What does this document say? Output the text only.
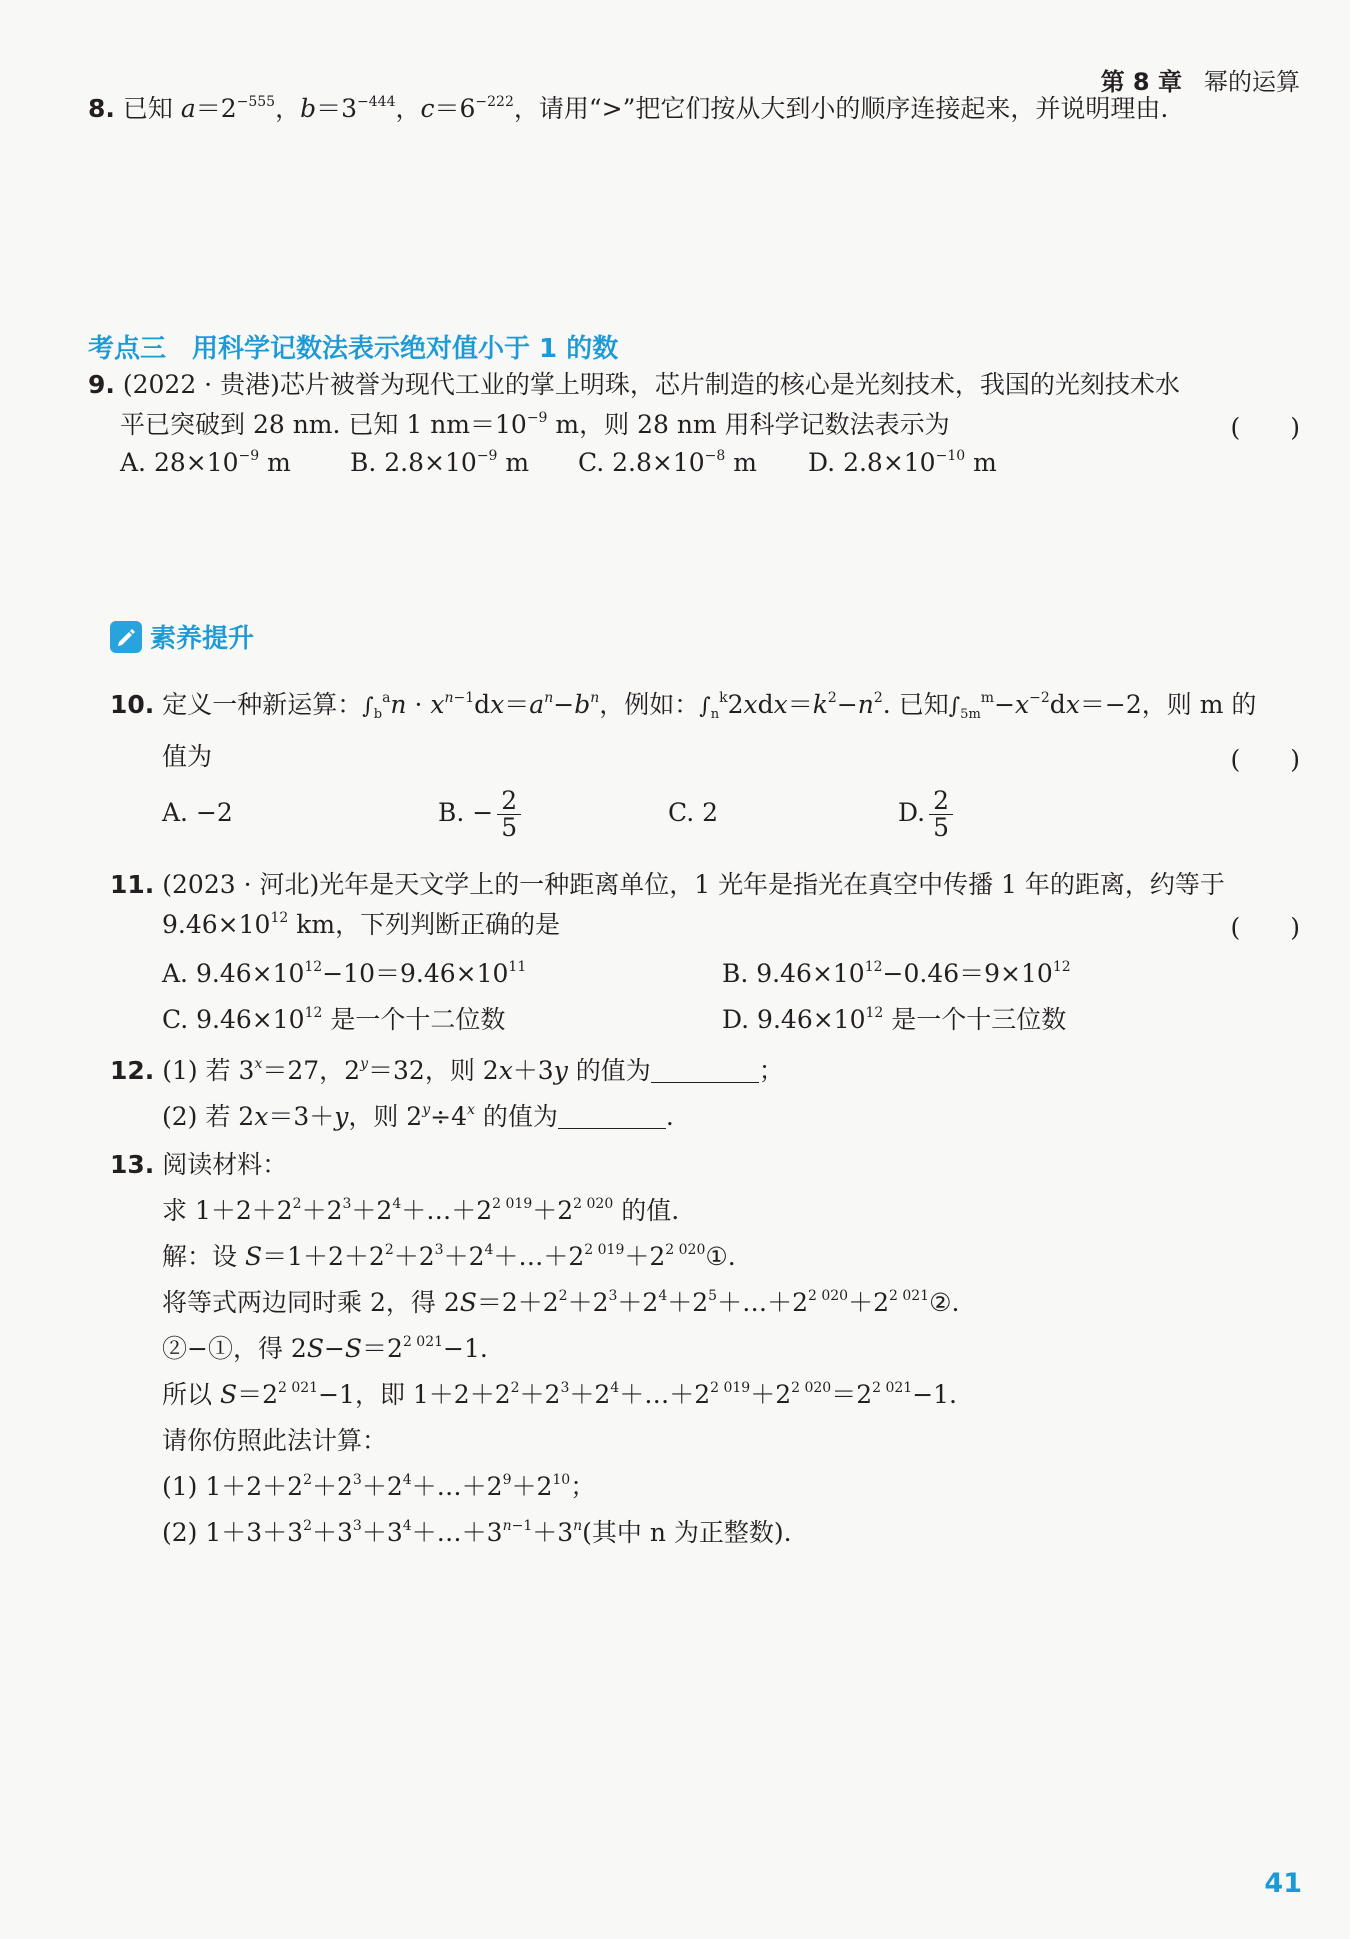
第 8 章 幂的运算
8. 已知 $a=2^{-555}$，$b=3^{-444}$，$c=6^{-222}$，请用“>”把它们按从大到小的顺序连接起来，并说明理由.
考点三　用科学记数法表示绝对值小于 1 的数
9. (2022 · 贵港)芯片被誉为现代工业的掌上明珠，芯片制造的核心是光刻技术，我国的光刻技术水
平已突破到 28 nm. 已知 1 $nm=10^{-9}$ m，则 28 nm 用科学记数法表示为	(　　)
A. $28\times 10^{-9}$ m B. $2.8\times 10^{-9}$ m C. $2.8\times 10^{-8}$ m D. $2.8\times 10^{-10}$ m
素养提升
10. 定义一种新运算：$\int_b^an \cdot x^{n-1}dx=a^n-b^n$，例如：$\int_n^k2xdx=k^2-n^2$. 已知$\int_{5m}^m-x^{-2}dx=-2$，则 m 的
值为	(　　)
A. −2	B. − $\frac{2}{5}$	C. 2	D. $\frac{2}{5}$
11. (2023 · 河北)光年是天文学上的一种距离单位，1 光年是指光在真空中传播 1 年的距离，约等于
$9.46\times 10^{12}$ km，下列判断正确的是	(　　)
A. $9.46\times 10^{12}-10=9.46\times 10^{11}$	B. $9.46\times 10^{12}-0.46=9\times 10^{12}$
C. $9.46\times 10^{12}$ 是一个十二位数	D. $9.46\times 10^{12}$ 是一个十三位数
12. (1) 若 $3^x=27$，$2^y=32$，则 2x＋3y 的值为	；
(2) 若 2x＝3＋y，则 $2^y\div 4^x$ 的值为	.
13. 阅读材料：
求 $1+2+2^2+2^3+2^4+\dots+2^{2 019}+2^{2 020}$ 的值.
解：设 $S=1+2+2^2+2^3+2^4+\dots+2^{2 019}+2^{2 020}①$.
将等式两边同时乘 2，得 $2S=2+2^2+2^3+2^4+2^5+\dots+2^{2 020}+2^{2 021}②$.
②−①，得 $2S-S=2^{2 021}-1$.
所以 $S=2^{2 021}-1$，即 $1+2+2^2+2^3+2^4+\dots+2^{2 019}+2^{2 020}=2^{2 021}-1$.
请你仿照此法计算：
(1) $1+2+2^2+2^3+2^4+\dots+2^9+2^{10}$；
(2) $1+3+3^2+3^3+3^4+\dots+3^{n-1}+3^n$(其中 n 为正整数).
41
